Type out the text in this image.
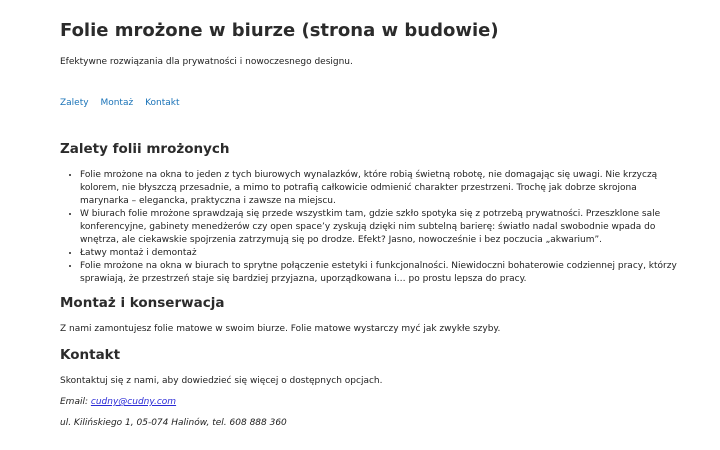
Folie mrożone w biurze (strona w budowie)

Efektywne rozwiązania dla prywatności i nowoczesnego designu.

Zalety Montaż Kontakt
Zalety folii mrożonych
• Folie mrożone na okna to jeden z tych biurowych wynalazków, które robią świetną robotę, nie domagając się uwagi. Nie krzyczą kolorem, nie błyszczą przesadnie, a mimo to potrafią całkowicie odmienić charakter przestrzeni. Trochę jak dobrze skrojona marynarka – elegancka, praktyczna i zawsze na miejscu.
• W biurach folie mrożone sprawdzają się przede wszystkim tam, gdzie szkło spotyka się z potrzebą prywatności. Przeszklone sale konferencyjne, gabinety menedżerów czy open space’y zyskują dzięki nim subtelną barierę: światło nadal swobodnie wpada do wnętrza, ale ciekawskie spojrzenia zatrzymują się po drodze. Efekt? Jasno, nowocześnie i bez poczucia „akwarium”.
• Łatwy montaż i demontaż
• Folie mrożone na okna w biurach to sprytne połączenie estetyki i funkcjonalności. Niewidoczni bohaterowie codziennej pracy, którzy sprawiają, że przestrzeń staje się bardziej przyjazna, uporządkowana i… po prostu lepsza do pracy.
Montaż i konserwacja

Z nami zamontujesz folie matowe w swoim biurze. Folie matowe wystarczy myć jak zwykłe szyby.

Kontakt

Skontaktuj się z nami, aby dowiedzieć się więcej o dostępnych opcjach.

Email: cudny@cudny.com

ul. Kilińskiego 1, 05-074 Halinów, tel. 608 888 360
